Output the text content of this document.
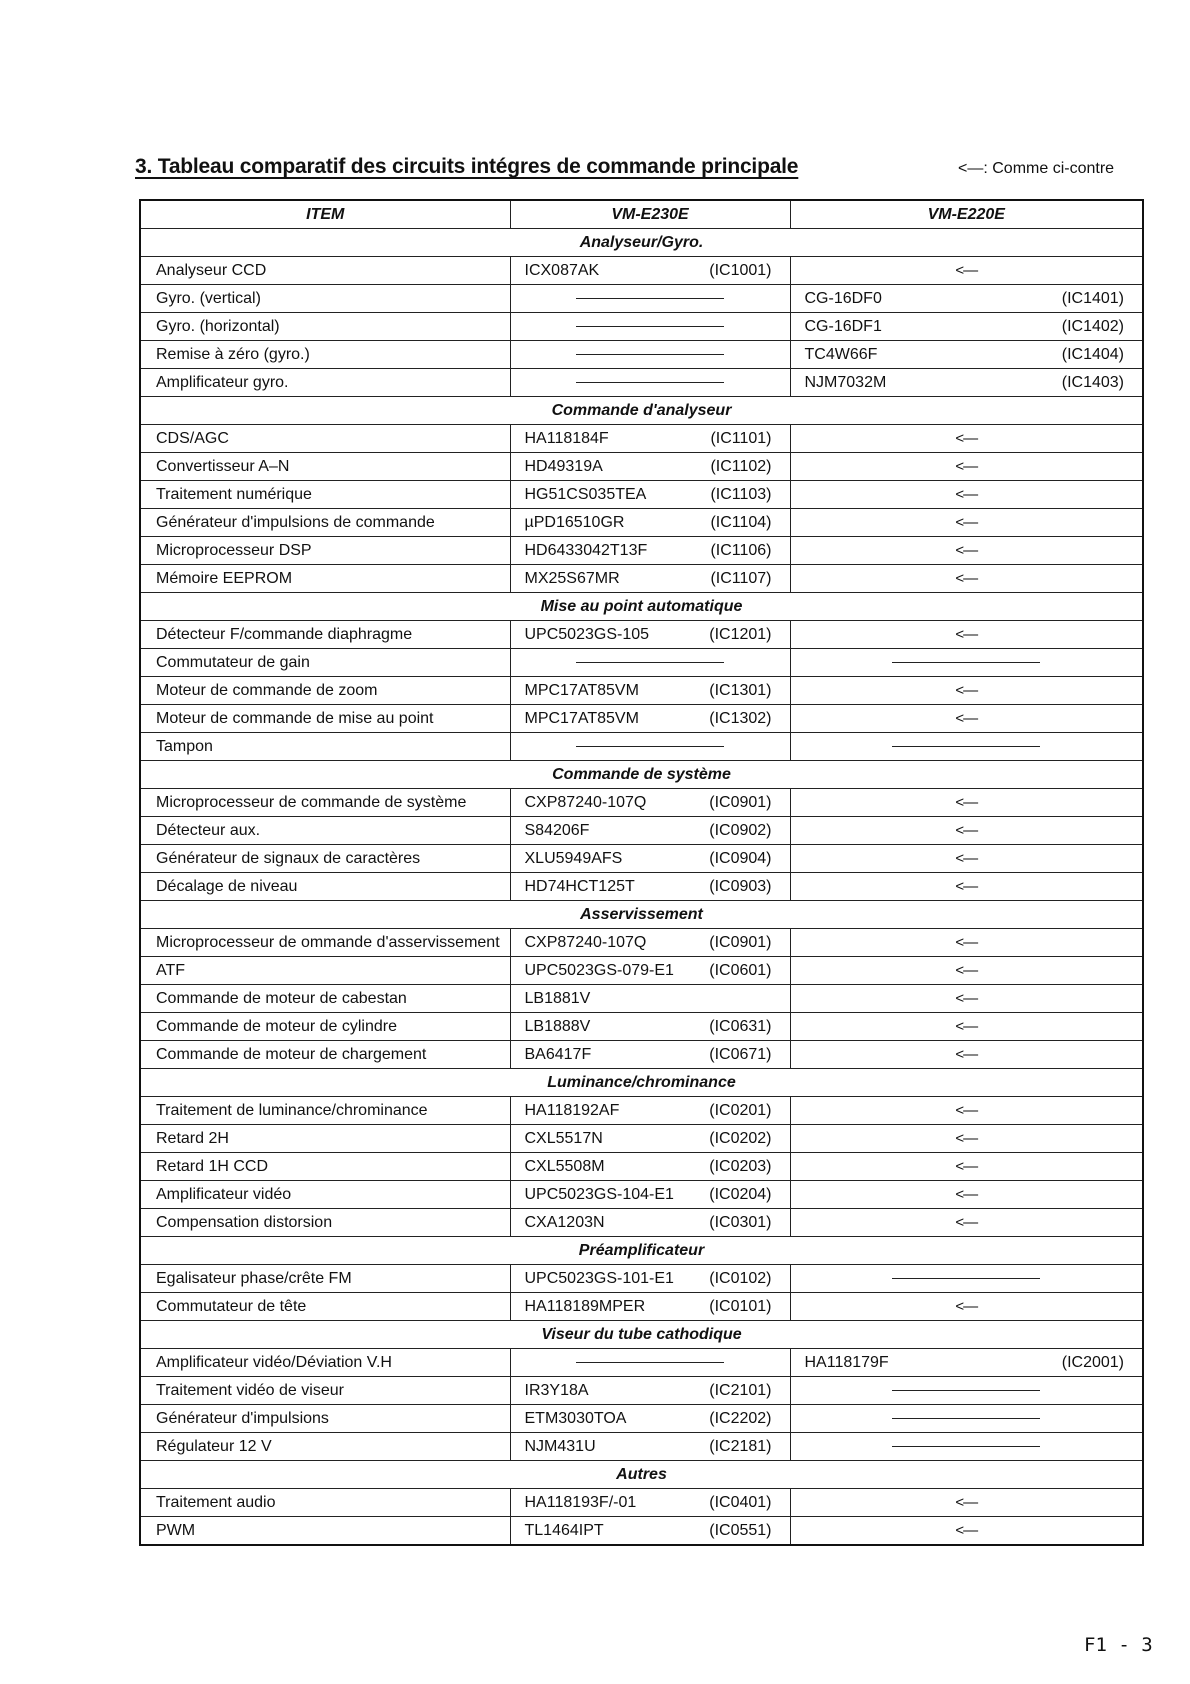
3. Tableau comparatif des circuits intégres de commande principale	<—: Comme ci-contre
ITEM	VM-E230E	VM-E220E
Analyseur/Gyro.		
Analyseur CCD	ICX087AK (IC1001)	<—

Gyro. (vertical)		CG-16DF0 (IC1401)

Gyro. (horizontal)		CG-16DF1 (IC1402)

Remise à zéro (gyro.)		TC4W66F (IC1404)

Amplificateur gyro.		NJM7032M (IC1403)

Commande d'analyseur		
CDS/AGC	HA118184F (IC1101)	<—

Convertisseur A–N	HD49319A (IC1102)	<—

Traitement numérique	HG51CS035TEA (IC1103)	<—

Générateur d'impulsions de commande	µPD16510GR (IC1104)	<—

Microprocesseur DSP	HD6433042T13F (IC1106)	<—

Mémoire EEPROM	MX25S67MR (IC1107)	<—

Mise au point automatique		
Détecteur F/commande diaphragme	UPC5023GS-105 (IC1201)	<—

Commutateur de gain	

Moteur de commande de zoom	MPC17AT85VM (IC1301)	<—

Moteur de commande de mise au point	MPC17AT85VM (IC1302)	<—

Tampon	

Commande de système		
Microprocesseur de commande de système	CXP87240-107Q (IC0901)	<—

Détecteur aux.	S84206F (IC0902)	<—

Générateur de signaux de caractères	XLU5949AFS (IC0904)	<—

Décalage de niveau	HD74HCT125T (IC0903)	<—

Asservissement		
Microprocesseur de ommande d'asservissement	CXP87240-107Q (IC0901)	<—

ATF	UPC5023GS-079-E1 (IC0601)	<—

Commande de moteur de cabestan	LB1881V	<—

Commande de moteur de cylindre	LB1888V (IC0631)	<—

Commande de moteur de chargement	BA6417F (IC0671)	<—

Luminance/chrominance		
Traitement de luminance/chrominance	HA118192AF (IC0201)	<—

Retard 2H	CXL5517N (IC0202)	<—

Retard 1H CCD	CXL5508M (IC0203)	<—

Amplificateur vidéo	UPC5023GS-104-E1 (IC0204)	<—

Compensation distorsion	CXA1203N (IC0301)	<—

Préamplificateur		
Egalisateur phase/crête FM	UPC5023GS-101-E1 (IC0102)	

Commutateur de tête	HA118189MPER (IC0101)	<—

Viseur du tube cathodique		
Amplificateur vidéo/Déviation V.H		HA118179F (IC2001)

Traitement vidéo de viseur	IR3Y18A (IC2101)	

Générateur d'impulsions	ETM3030TOA (IC2202)	

Régulateur 12 V	NJM431U (IC2181)	

Autres		
Traitement audio	HA118193F/-01 (IC0401)	<—

PWM	TL1464IPT (IC0551)	<—
F1 - 3
